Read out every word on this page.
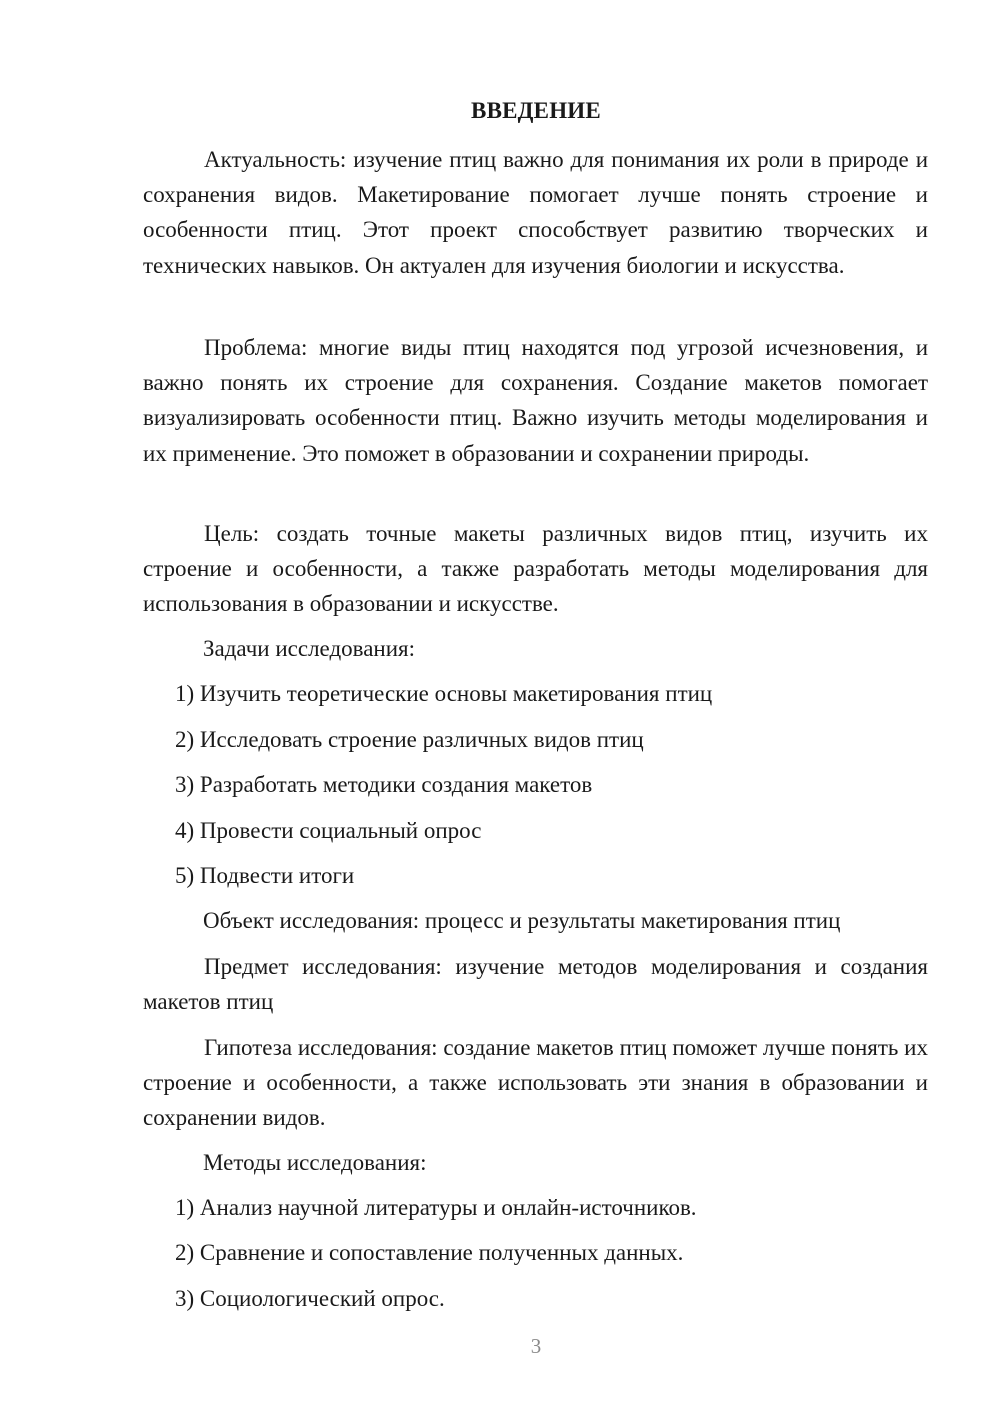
ВВЕДЕНИЕ

Актуальность: изучение птиц важно для понимания их роли в природе и сохранения видов. Макетирование помогает лучше понять строение и особенности птиц. Этот проект способствует развитию творческих и технических навыков. Он актуален для изучения биологии и искусства.

Проблема: многие виды птиц находятся под угрозой исчезновения, и важно понять их строение для сохранения. Создание макетов помогает визуализировать особенности птиц. Важно изучить методы моделирования и их применение. Это поможет в образовании и сохранении природы.

Цель: создать точные макеты различных видов птиц, изучить их строение и особенности, а также разработать методы моделирования для использования в образовании и искусстве.

Задачи исследования:

1) Изучить теоретические основы макетирования птиц

2) Исследовать строение различных видов птиц

3) Разработать методики создания макетов

4) Провести социальный опрос

5) Подвести итоги

Объект исследования: процесс и результаты макетирования птиц

Предмет исследования: изучение методов моделирования и создания макетов птиц

Гипотеза исследования: создание макетов птиц поможет лучше понять их строение и особенности, а также использовать эти знания в образовании и сохранении видов.

Методы исследования:

1) Анализ научной литературы и онлайн-источников.

2) Сравнение и сопоставление полученных данных.

3) Социологический опрос.

3
